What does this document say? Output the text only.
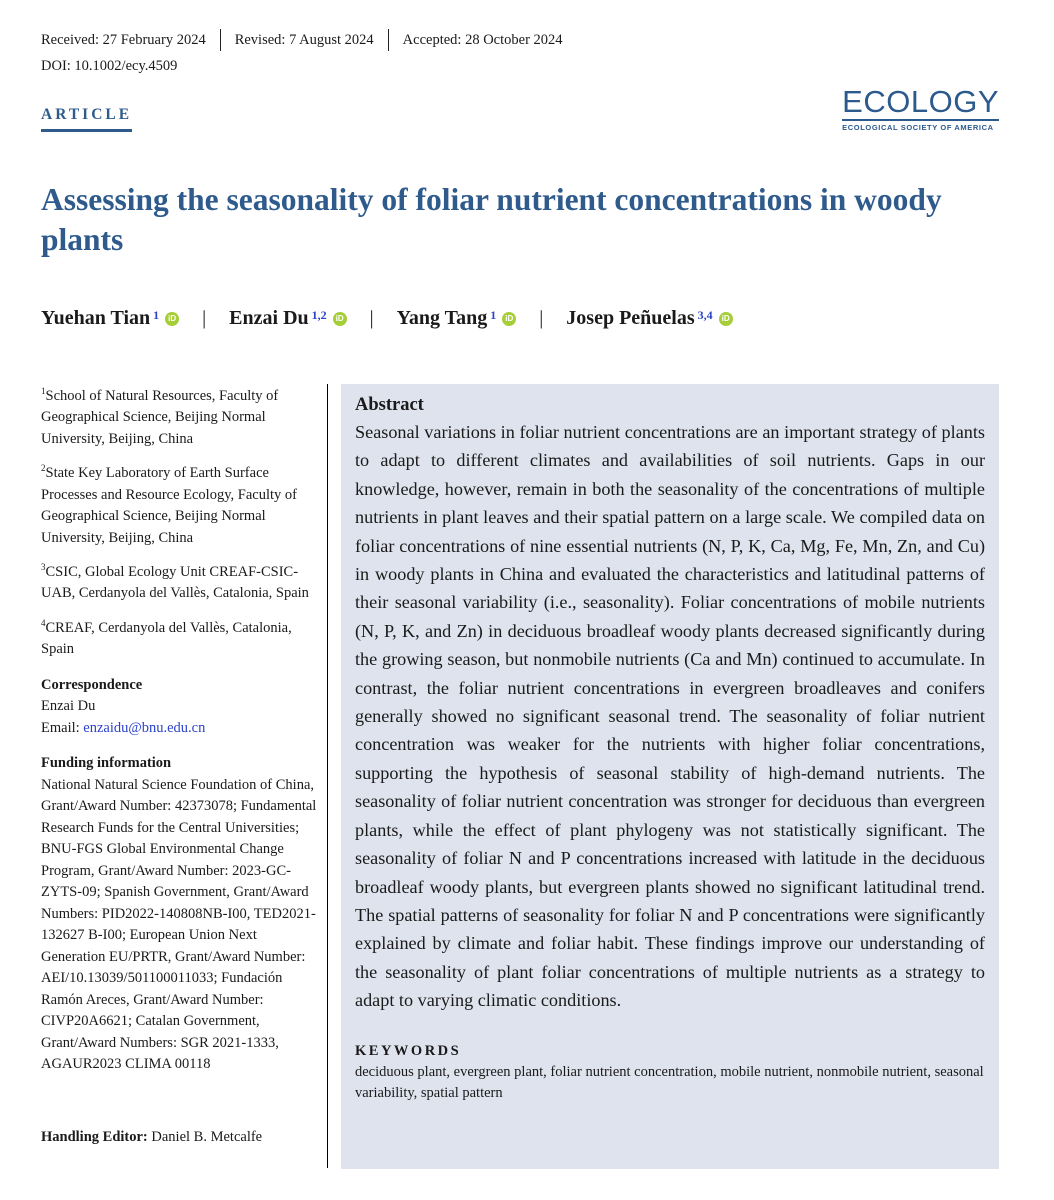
Received: 27 February 2024 Revised: 7 August 2024 Accepted: 28 October 2024
DOI: 10.1002/ecy.4509
ARTICLE	ECOLOGY
ECOLOGICAL SOCIETY OF AMERICA
Assessing the seasonality of foliar nutrient concentrations in woody plants
Yuehan Tian $^1$	iD | Enzai Du $^{1,2}$	iD | Yang Tang $^1$	iD | Josep Peñuelas $^{3,4}$	iD

$^1$School of Natural Resources, Faculty of Geographical Science, Beijing Normal University, Beijing, China

$^2$State Key Laboratory of Earth Surface Processes and Resource Ecology, Faculty of Geographical Science, Beijing Normal University, Beijing, China

$^3$CSIC, Global Ecology Unit CREAF-CSIC-UAB, Cerdanyola del Vallès, Catalonia, Spain

$^4$CREAF, Cerdanyola del Vallès, Catalonia, Spain

Correspondence
Enzai Du
Email: enzaidu@bnu.edu.cn
Funding information
National Natural Science Foundation of China, Grant/Award Number: 42373078; Fundamental Research Funds for the Central Universities; BNU-FGS Global Environmental Change Program, Grant/Award Number: 2023-GC-ZYTS-09; Spanish Government, Grant/Award Numbers: PID2022-140808NB-I00, TED2021-132627 B-I00; European Union Next Generation EU/PRTR, Grant/Award Number: AEI/10.13039/501100011033; Fundación Ramón Areces, Grant/Award Number: CIVP20A6621; Catalan Government, Grant/Award Numbers: SGR 2021-1333, AGAUR2023 CLIMA 00118
Handling Editor: Daniel B. Metcalfe
Abstract

Seasonal variations in foliar nutrient concentrations are an important strategy of plants to adapt to different climates and availabilities of soil nutrients. Gaps in our knowledge, however, remain in both the seasonality of the concentrations of multiple nutrients in plant leaves and their spatial pattern on a large scale. We compiled data on foliar concentrations of nine essential nutrients (N, P, K, Ca, Mg, Fe, Mn, Zn, and Cu) in woody plants in China and evaluated the characteristics and latitudinal patterns of their seasonal variability (i.e., seasonality). Foliar concentrations of mobile nutrients (N, P, K, and Zn) in deciduous broadleaf woody plants decreased significantly during the growing season, but nonmobile nutrients (Ca and Mn) continued to accumulate. In contrast, the foliar nutrient concentrations in evergreen broadleaves and conifers generally showed no significant seasonal trend. The seasonality of foliar nutrient concentration was weaker for the nutrients with higher foliar concentrations, supporting the hypothesis of seasonal stability of high-demand nutrients. The seasonality of foliar nutrient concentration was stronger for deciduous than evergreen plants, while the effect of plant phylogeny was not statistically significant. The seasonality of foliar N and P concentrations increased with latitude in the deciduous broadleaf woody plants, but evergreen plants showed no significant latitudinal trend. The spatial patterns of seasonality for foliar N and P concentrations were significantly explained by climate and foliar habit. These findings improve our understanding of the seasonality of plant foliar concentrations of multiple nutrients as a strategy to adapt to varying climatic conditions.

KEYWORDS
deciduous plant, evergreen plant, foliar nutrient concentration, mobile nutrient, nonmobile nutrient, seasonal variability, spatial pattern
